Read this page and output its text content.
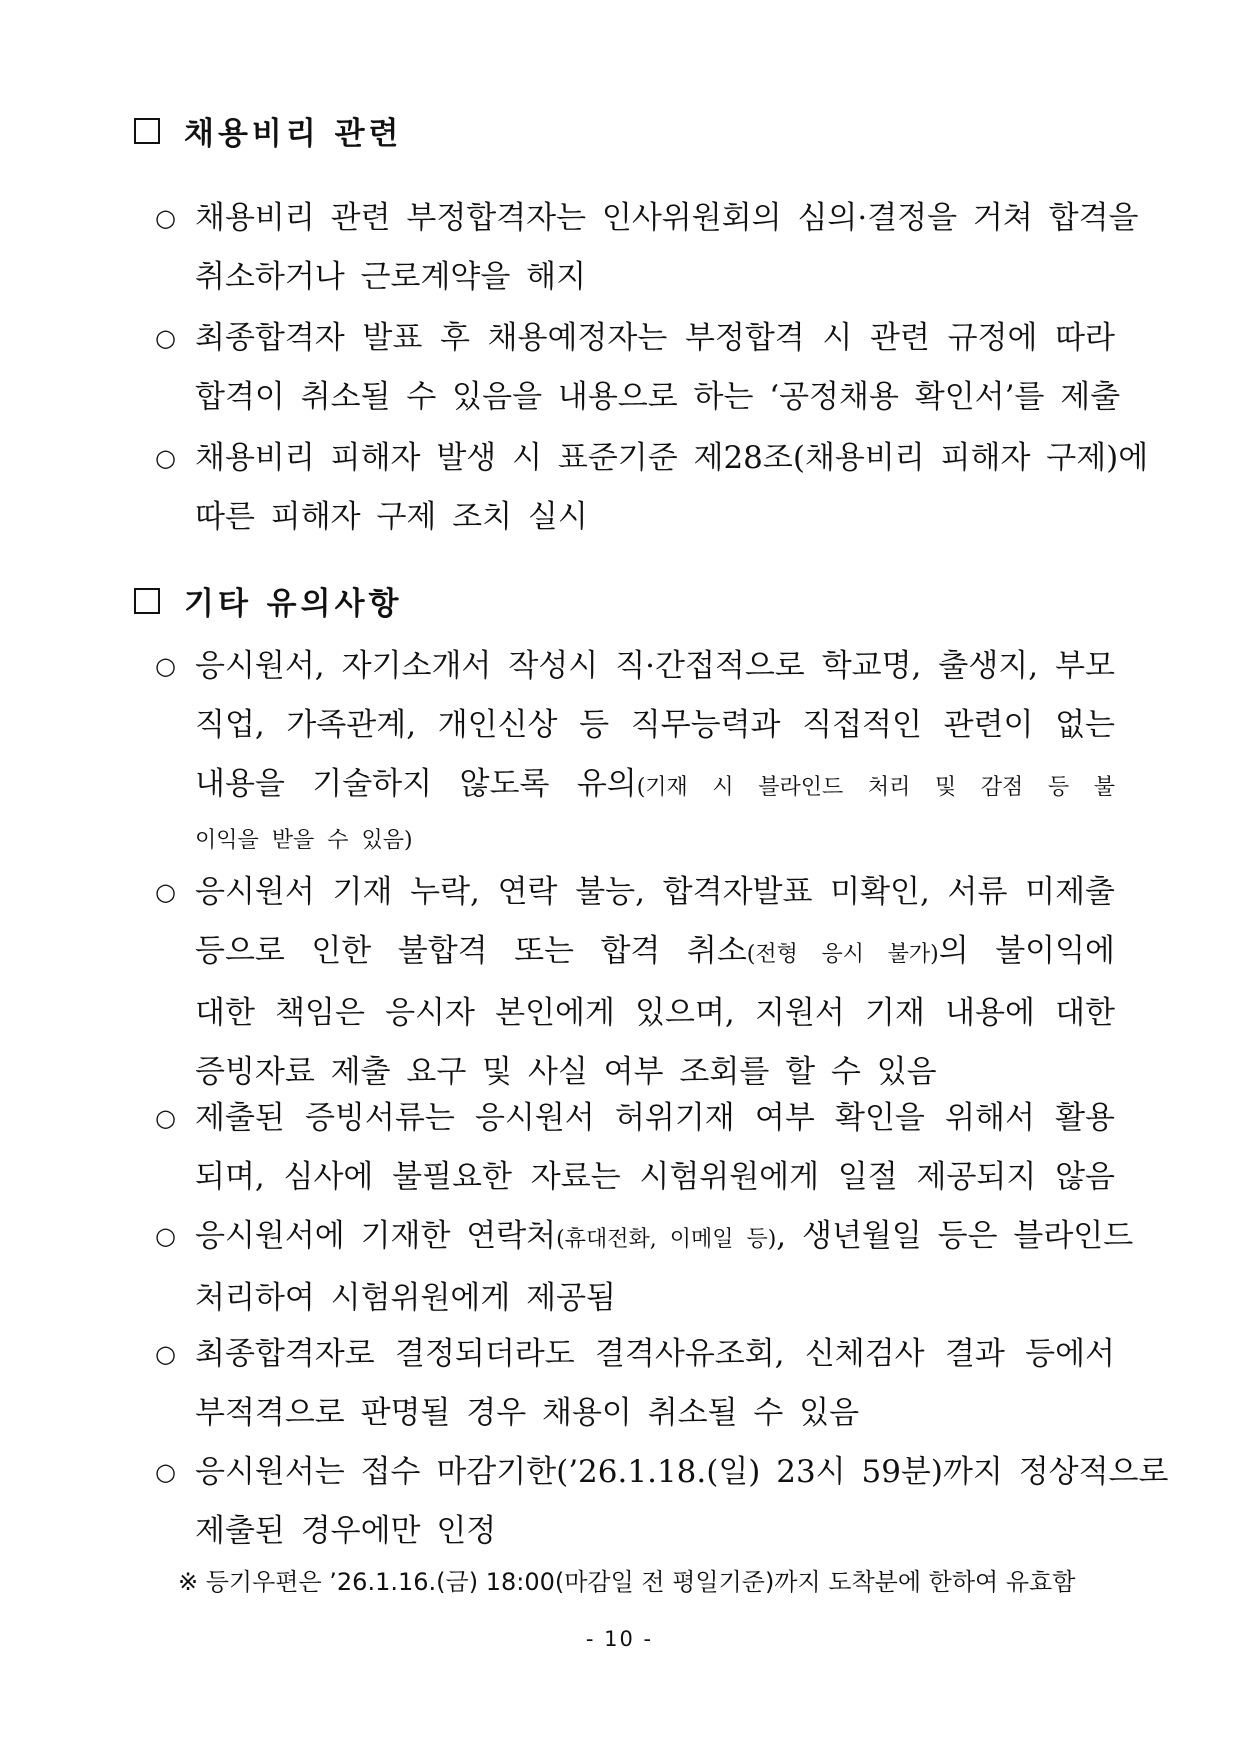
채용비리 관련
○ 채용비리 관련 부정합격자는 인사위원회의 심의·결정을 거쳐 합격을
취소하거나 근로계약을 해지
○ 최종합격자 발표 후 채용예정자는 부정합격 시 관련 규정에 따라
합격이 취소될 수 있음을 내용으로 하는 ‘공정채용 확인서’를 제출
○ 채용비리 피해자 발생 시 표준기준 제28조(채용비리 피해자 구제)에
따른 피해자 구제 조치 실시
기타 유의사항
○ 응시원서, 자기소개서 작성시 직·간접적으로 학교명, 출생지, 부모
직업, 가족관계, 개인신상 등 직무능력과 직접적인 관련이 없는
내용을 기술하지 않도록 유의(기재 시 블라인드 처리 및 감점 등 불
이익을 받을 수 있음)
○ 응시원서 기재 누락, 연락 불능, 합격자발표 미확인, 서류 미제출
등으로 인한 불합격 또는 합격 취소(전형 응시 불가)의 불이익에
대한 책임은 응시자 본인에게 있으며, 지원서 기재 내용에 대한
증빙자료 제출 요구 및 사실 여부 조회를 할 수 있음
○ 제출된 증빙서류는 응시원서 허위기재 여부 확인을 위해서 활용
되며, 심사에 불필요한 자료는 시험위원에게 일절 제공되지 않음
○ 응시원서에 기재한 연락처(휴대전화, 이메일 등), 생년월일 등은 블라인드
처리하여 시험위원에게 제공됨
○ 최종합격자로 결정되더라도 결격사유조회, 신체검사 결과 등에서
부적격으로 판명될 경우 채용이 취소될 수 있음
○ 응시원서는 접수 마감기한(’26.1.18.(일) 23시 59분)까지 정상적으로
제출된 경우에만 인정
※ 등기우편은 ’26.1.16.(금) 18:00(마감일 전 평일기준)까지 도착분에 한하여 유효함
- 10 -
